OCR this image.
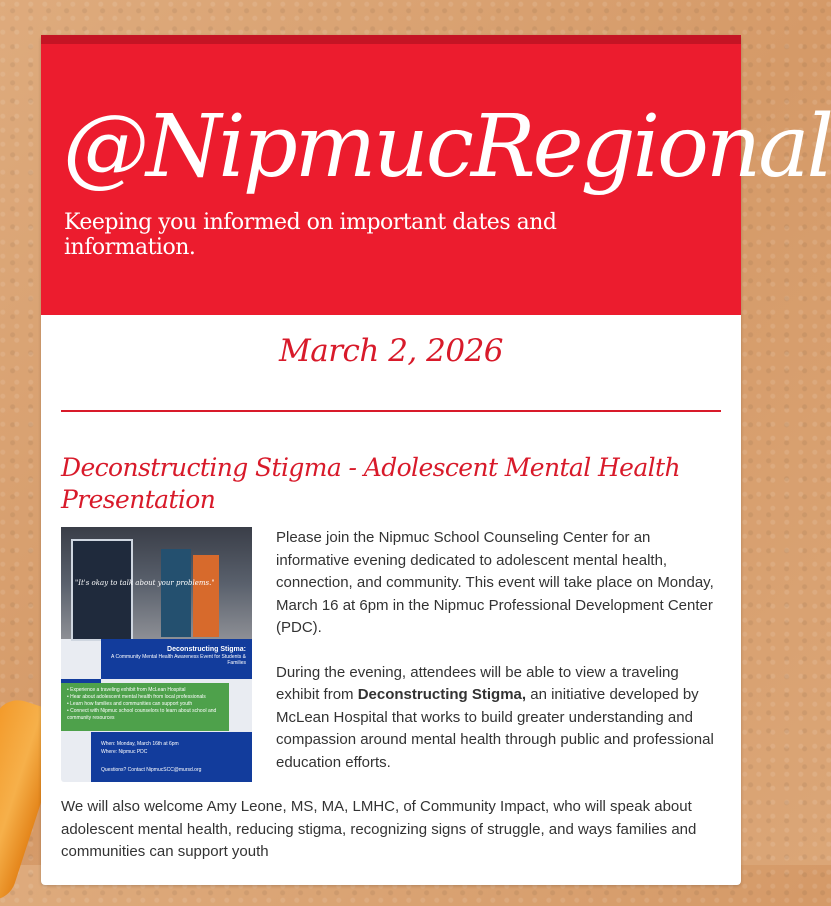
@NipmucRegional
Keeping you informed on important dates and information.
March 2, 2026
Deconstructing Stigma - Adolescent Mental Health Presentation
"It's okay to talk about your problems."
Deconstructing Stigma:
A Community Mental Health Awareness Event for Students & Families
• Experience a traveling exhibit from McLean Hospital
• Hear about adolescent mental health from local professionals
• Learn how families and communities can support youth
• Connect with Nipmuc school counselors to learn about school and community resources
When: Monday, March 16th at 6pm
Where: Nipmuc PDC
Questions? Contact NipmucSCC@mursd.org

Please join the Nipmuc School Counseling Center for an informative evening dedicated to adolescent mental health, connection, and community. This event will take place on Monday, March 16 at 6pm in the Nipmuc Professional Development Center (PDC).

During the evening, attendees will be able to view a traveling exhibit from Deconstructing Stigma, an initiative developed by McLean Hospital that works to build greater understanding and compassion around mental health through public and professional education efforts.

We will also welcome Amy Leone, MS, MA, LMHC, of Community Impact, who will speak about adolescent mental health, reducing stigma, recognizing signs of struggle, and ways families and communities can support youth
